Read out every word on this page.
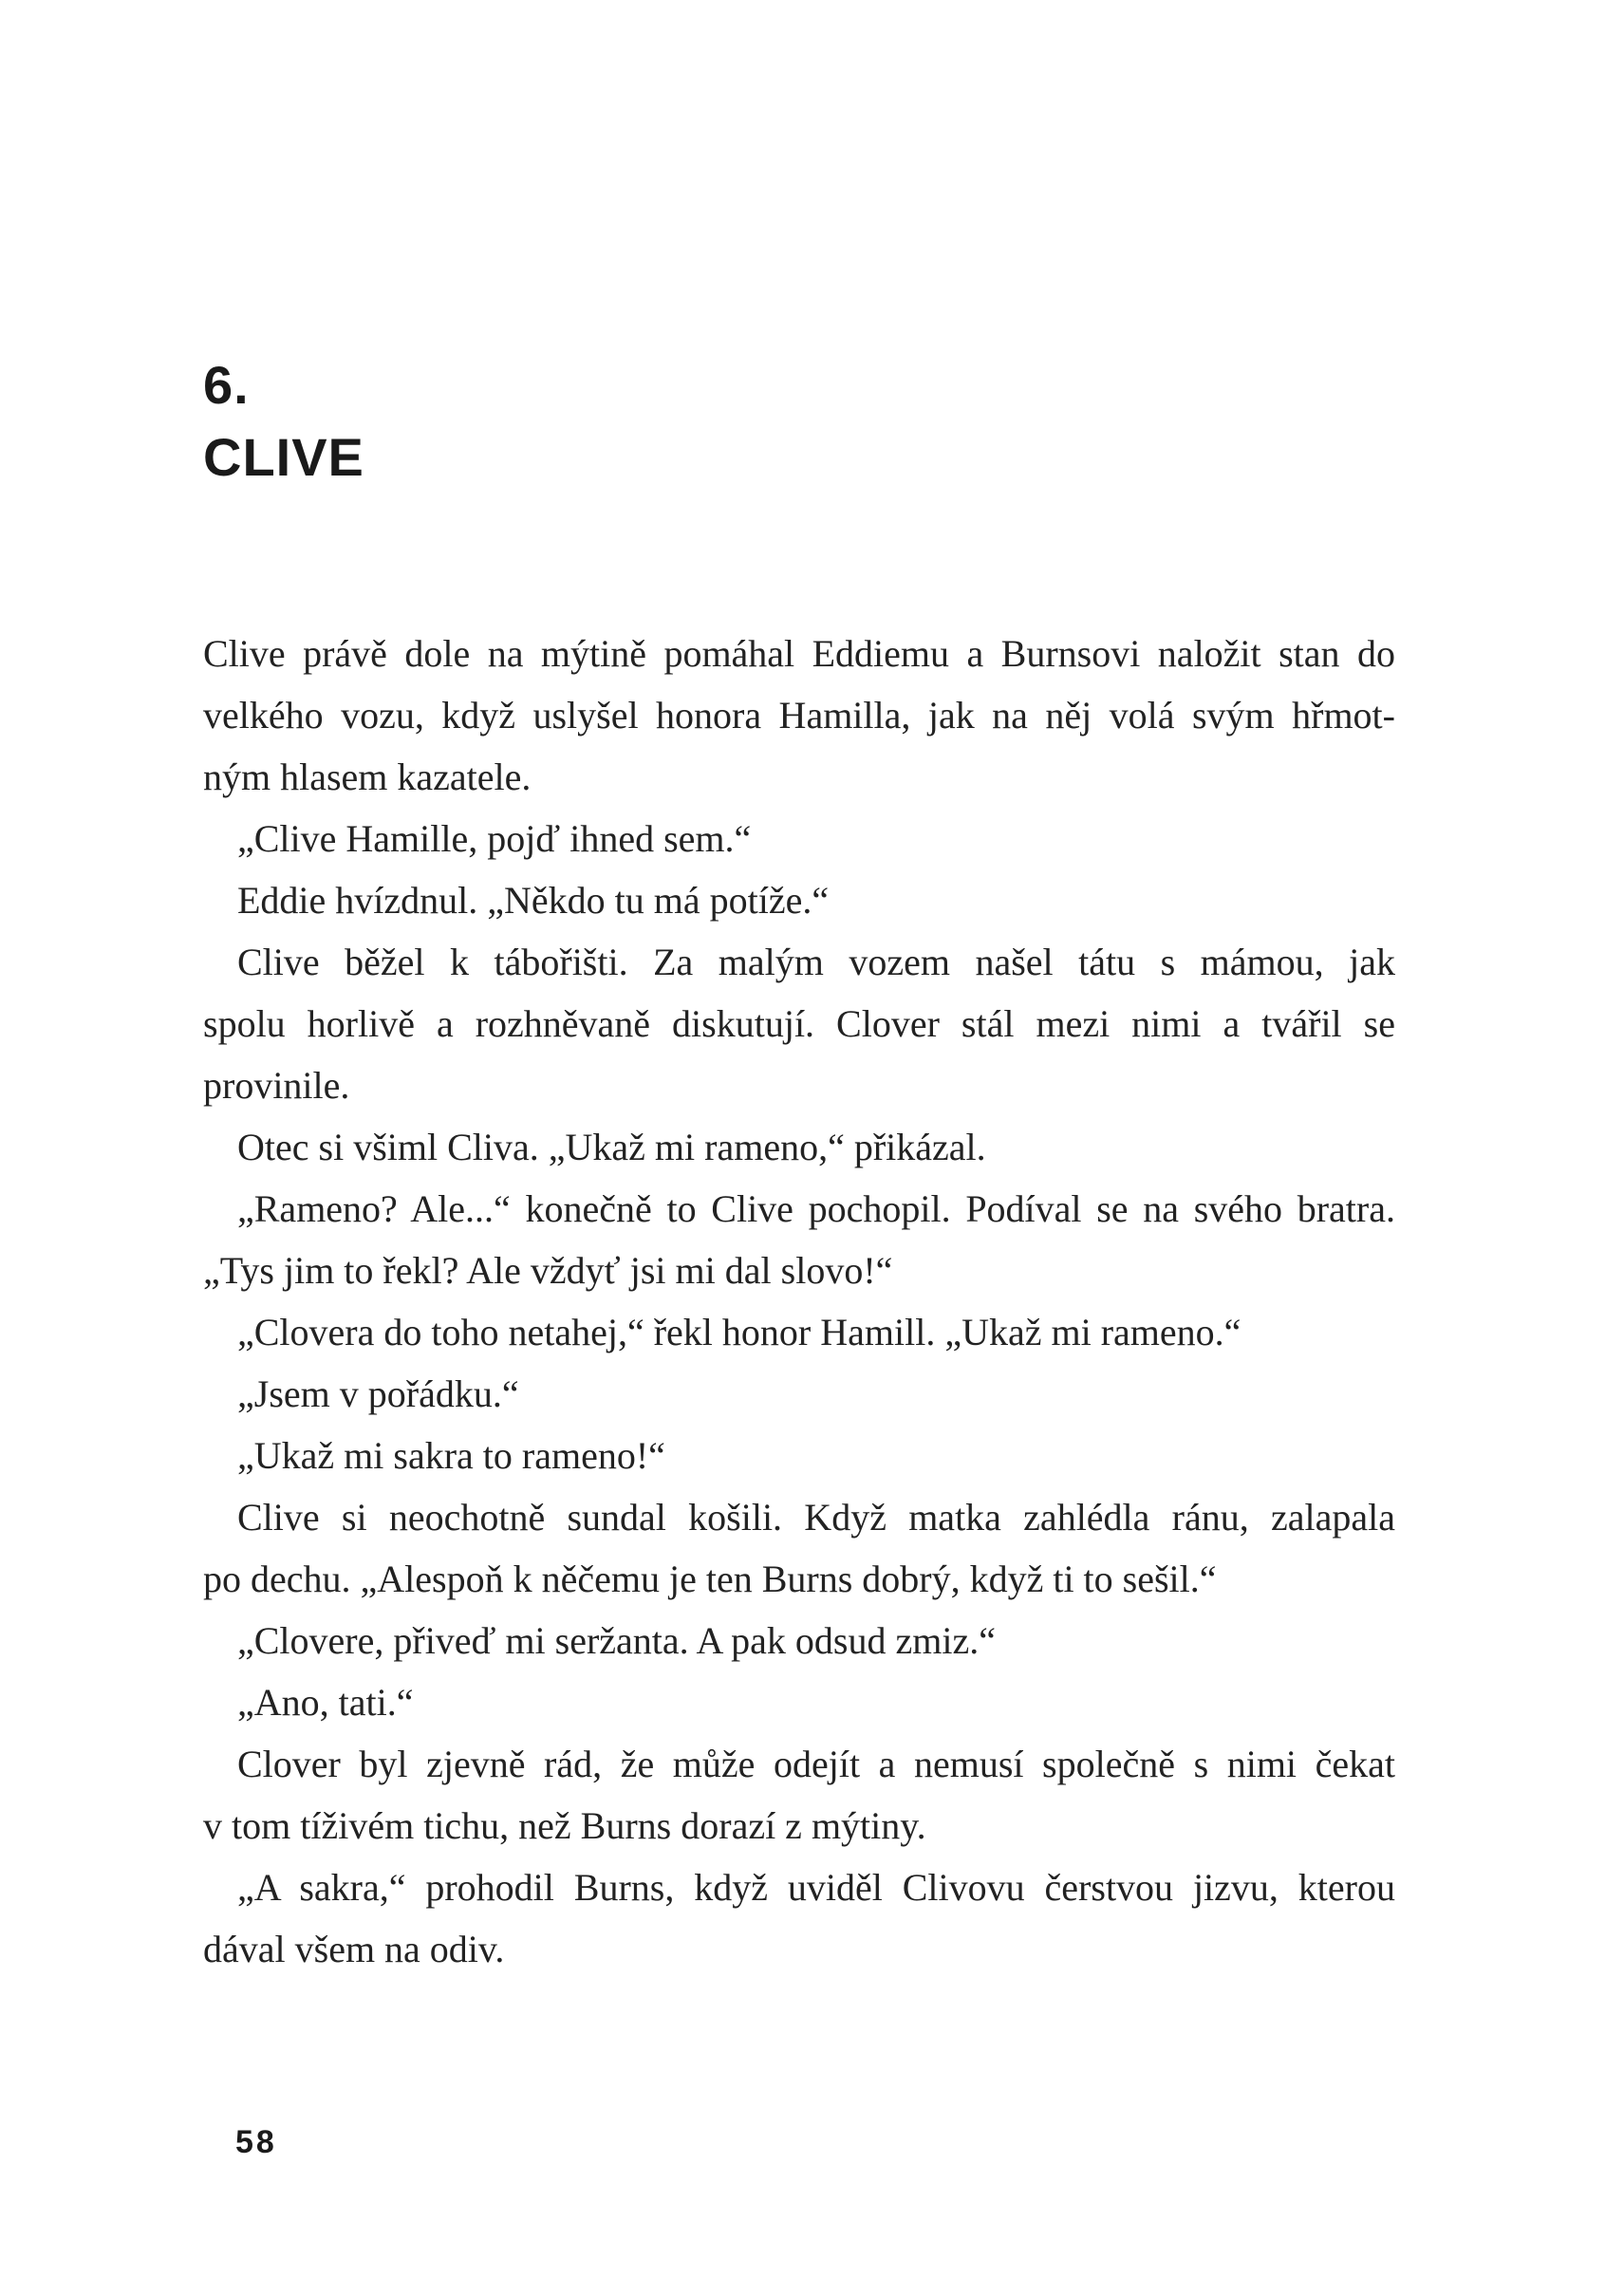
6.
CLIVE
Clive právě dole na mýtině pomáhal Eddiemu a Burnsovi naložit stan do
velkého vozu, když uslyšel honora Hamilla, jak na něj volá svým hřmot-
ným hlasem kazatele.
„Clive Hamille, pojď ihned sem.“
Eddie hvízdnul. „Někdo tu má potíže.“
Clive běžel k tábořišti. Za malým vozem našel tátu s mámou, jak
spolu horlivě a rozhněvaně diskutují. Clover stál mezi nimi a tvářil se
provinile.
Otec si všiml Cliva. „Ukaž mi rameno,“ přikázal.
„Rameno? Ale...“ konečně to Clive pochopil. Podíval se na svého bratra.
„Tys jim to řekl? Ale vždyť jsi mi dal slovo!“
„Clovera do toho netahej,“ řekl honor Hamill. „Ukaž mi rameno.“
„Jsem v pořádku.“
„Ukaž mi sakra to rameno!“
Clive si neochotně sundal košili. Když matka zahlédla ránu, zalapala
po dechu. „Alespoň k něčemu je ten Burns dobrý, když ti to sešil.“
„Clovere, přiveď mi seržanta. A pak odsud zmiz.“
„Ano, tati.“
Clover byl zjevně rád, že může odejít a nemusí společně s nimi čekat
v tom tíživém tichu, než Burns dorazí z mýtiny.
„A sakra,“ prohodil Burns, když uviděl Clivovu čerstvou jizvu, kterou
dával všem na odiv.
58
